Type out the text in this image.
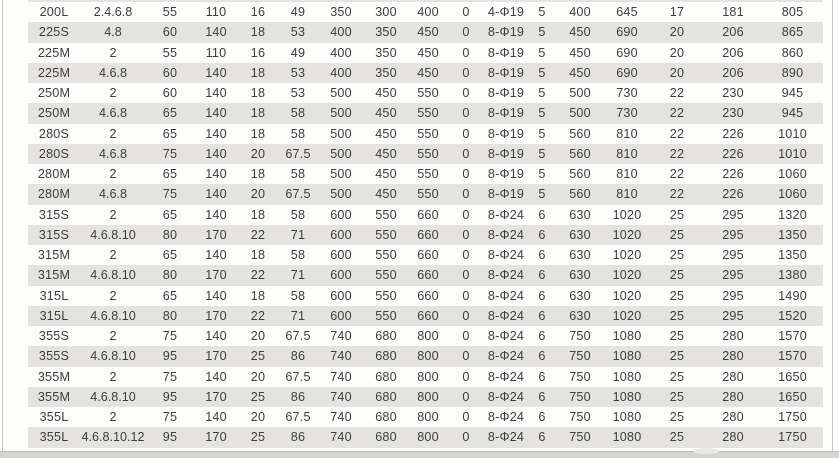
200L	2.4.6.8	55	110	16	49	350	300	400	0	4-Φ19	5	400	645	17	181	805
225S	4.8	60	140	18	53	400	350	450	0	8-Φ19	5	450	690	20	206	865
225M	2	55	110	16	49	400	350	450	0	8-Φ19	5	450	690	20	206	860
225M	4.6.8	60	140	18	53	400	350	450	0	8-Φ19	5	450	690	20	206	890
250M	2	60	140	18	53	500	450	550	0	8-Φ19	5	500	730	22	230	945
250M	4.6.8	65	140	18	58	500	450	550	0	8-Φ19	5	500	730	22	230	945
280S	2	65	140	18	58	500	450	550	0	8-Φ19	5	560	810	22	226	1010
280S	4.6.8	75	140	20	67.5	500	450	550	0	8-Φ19	5	560	810	22	226	1010
280M	2	65	140	18	58	500	450	550	0	8-Φ19	5	560	810	22	226	1060
280M	4.6.8	75	140	20	67.5	500	450	550	0	8-Φ19	5	560	810	22	226	1060
315S	2	65	140	18	58	600	550	660	0	8-Φ24	6	630	1020	25	295	1320
315S	4.6.8.10	80	170	22	71	600	550	660	0	8-Φ24	6	630	1020	25	295	1350
315M	2	65	140	18	58	600	550	660	0	8-Φ24	6	630	1020	25	295	1350
315M	4.6.8.10	80	170	22	71	600	550	660	0	8-Φ24	6	630	1020	25	295	1380
315L	2	65	140	18	58	600	550	660	0	8-Φ24	6	630	1020	25	295	1490
315L	4.6.8.10	80	170	22	71	600	550	660	0	8-Φ24	6	630	1020	25	295	1520
355S	2	75	140	20	67.5	740	680	800	0	8-Φ24	6	750	1080	25	280	1570
355S	4.6.8.10	95	170	25	86	740	680	800	0	8-Φ24	6	750	1080	25	280	1570
355M	2	75	140	20	67.5	740	680	800	0	8-Φ24	6	750	1080	25	280	1650
355M	4.6.8.10	95	170	25	86	740	680	800	0	8-Φ24	6	750	1080	25	280	1650
355L	2	75	140	20	67.5	740	680	800	0	8-Φ24	6	750	1080	25	280	1750
355L	4.6.8.10.12	95	170	25	86	740	680	800	0	8-Φ24	6	750	1080	25	280	1750
